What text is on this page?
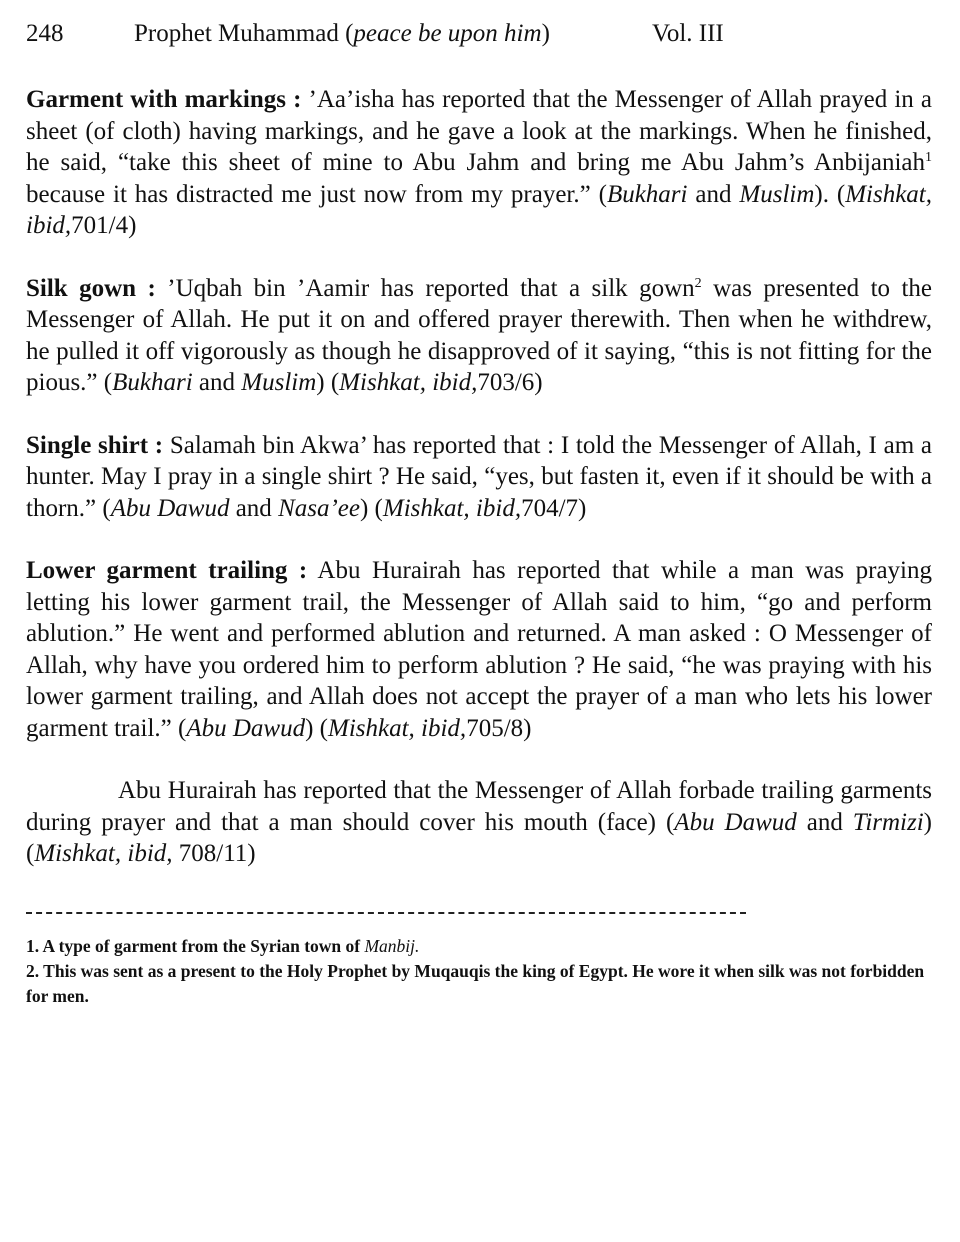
248	Prophet Muhammad (peace be upon him)	Vol. III

Garment with markings : ’Aa’isha has reported that the Messenger of Allah prayed in a sheet (of cloth) having markings, and he gave a look at the markings. When he finished, he said, “take this sheet of mine to Abu Jahm and bring me Abu Jahm’s Anbijaniah$^1$ because it has distracted me just now from my prayer.” (Bukhari and Muslim). (Mishkat, ibid,701/4)

Silk gown : ’Uqbah bin ’Aamir has reported that a silk gown$^2$ was presented to the Messenger of Allah. He put it on and offered prayer therewith. Then when he withdrew, he pulled it off vigorously as though he disapproved of it saying, “this is not fitting for the pious.” (Bukhari and Muslim) (Mishkat, ibid,703/6)

Single shirt : Salamah bin Akwa’ has reported that : I told the Messenger of Allah, I am a hunter. May I pray in a single shirt ? He said, “yes, but fasten it, even if it should be with a thorn.” (Abu Dawud and Nasa’ee) (Mishkat, ibid,704/7)

Lower garment trailing : Abu Hurairah has reported that while a man was praying letting his lower garment trail, the Messenger of Allah said to him, “go and perform ablution.” He went and performed ablution and returned. A man asked : O Messenger of Allah, why have you ordered him to perform ablution ? He said, “he was praying with his lower garment trailing, and Allah does not accept the prayer of a man who lets his lower garment trail.” (Abu Dawud) (Mishkat, ibid,705/8)

Abu Hurairah has reported that the Messenger of Allah forbade trailing garments during prayer and that a man should cover his mouth (face) (Abu Dawud and Tirmizi) (Mishkat, ibid, 708/11)

1. A type of garment from the Syrian town of Manbij.

2. This was sent as a present to the Holy Prophet by Muqauqis the king of Egypt. He wore it when silk was not forbidden for men.
